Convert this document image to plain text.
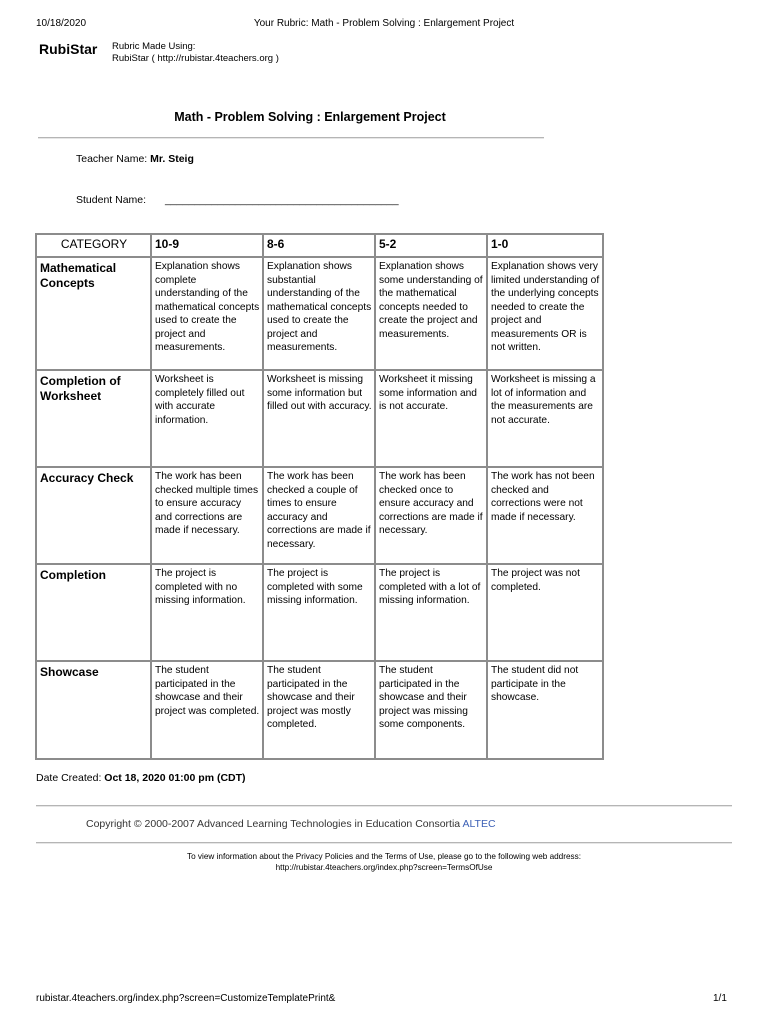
10/18/2020	Your Rubric: Math - Problem Solving : Enlargement Project
RubiStar Rubric Made Using:
RubiStar ( http://rubistar.4teachers.org )
Math - Problem Solving : Enlargement Project
Teacher Name: Mr. Steig
Student Name: ________________________________________
CATEGORY	10-9	8-6	5-2	1-0
Mathematical Concepts	Explanation shows complete understanding of the mathematical concepts used to create the project and measurements.	Explanation shows substantial understanding of the mathematical concepts used to create the project and measurements.	Explanation shows some understanding of the mathematical concepts needed to create the project and measurements.	Explanation shows very limited understanding of the underlying concepts needed to create the project and measurements OR is not written.
Completion of Worksheet	Worksheet is completely filled out with accurate information.	Worksheet is missing some information but filled out with accuracy.	Worksheet it missing some information and is not accurate.	Worksheet is missing a lot of information and the measurements are not accurate.
Accuracy Check	The work has been checked multiple times to ensure accuracy and corrections are made if necessary.	The work has been checked a couple of times to ensure accuracy and corrections are made if necessary.	The work has been checked once to ensure accuracy and corrections are made if necessary.	The work has not been checked and corrections were not made if necessary.
Completion	The project is completed with no missing information.	The project is completed with some missing information.	The project is completed with a lot of missing information.	The project was not completed.
Showcase	The student participated in the showcase and their project was completed.	The student participated in the showcase and their project was mostly completed.	The student participated in the showcase and their project was missing some components.	The student did not participate in the showcase.
Date Created: Oct 18, 2020 01:00 pm (CDT)
Copyright © 2000-2007 Advanced Learning Technologies in Education Consortia ALTEC
To view information about the Privacy Policies and the Terms of Use, please go to the following web address:
http://rubistar.4teachers.org/index.php?screen=TermsOfUse
rubistar.4teachers.org/index.php?screen=CustomizeTemplatePrint&	1/1
